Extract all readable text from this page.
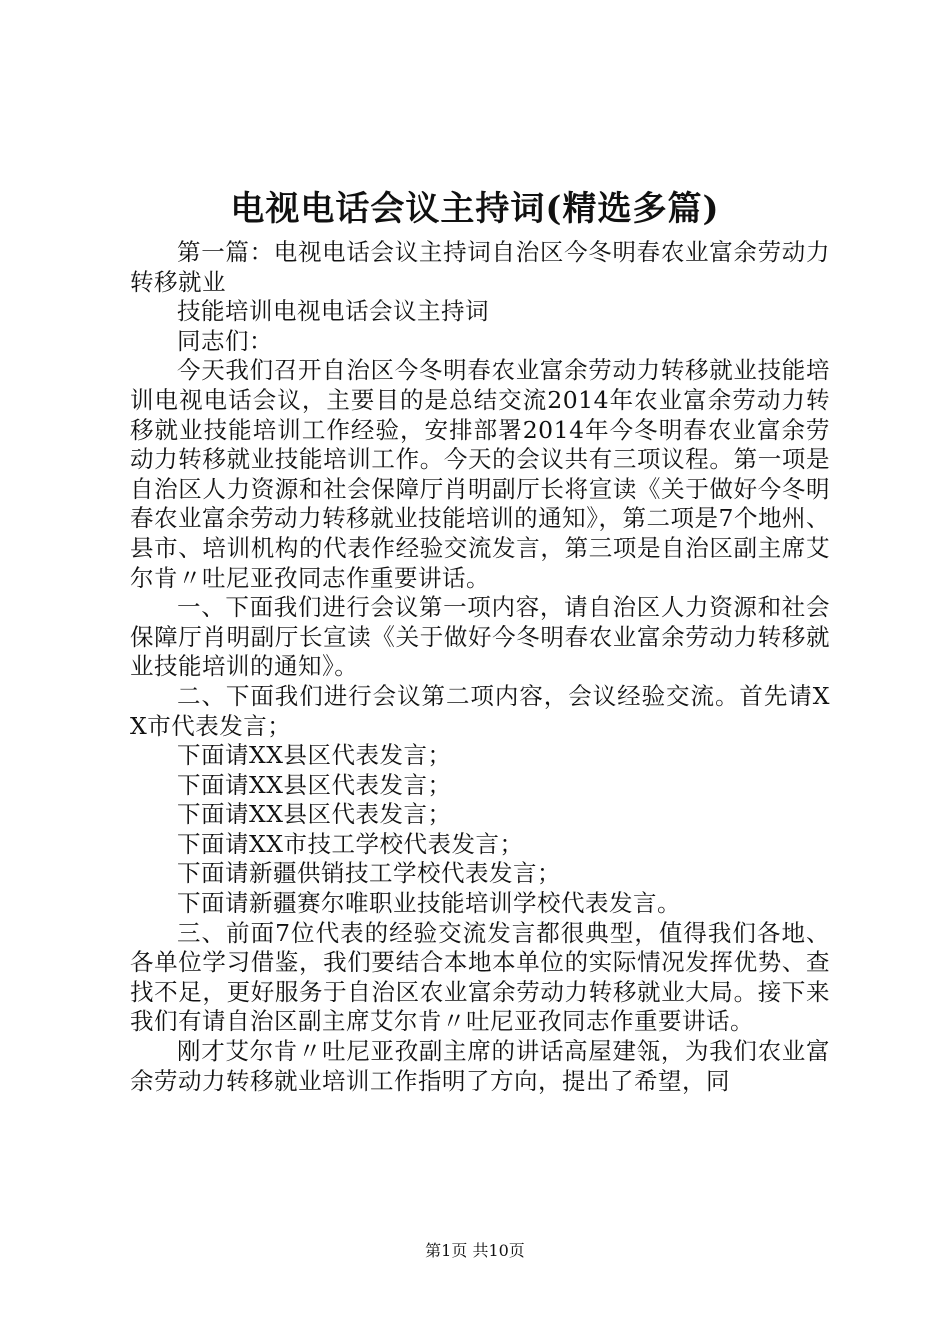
电视电话会议主持词(精选多篇)

第一篇：电视电话会议主持词自治区今冬明春农业富余劳动力转移就业

技能培训电视电话会议主持词

同志们：

今天我们召开自治区今冬明春农业富余劳动力转移就业技能培训电视电话会议，主要目的是总结交流2014年农业富余劳动力转移就业技能培训工作经验，安排部署2014年今冬明春农业富余劳动力转移就业技能培训工作。今天的会议共有三项议程。第一项是自治区人力资源和社会保障厅肖明副厅长将宣读《关于做好今冬明春农业富余劳动力转移就业技能培训的通知》，第二项是7个地州、县市、培训机构的代表作经验交流发言，第三项是自治区副主席艾尔肯〃吐尼亚孜同志作重要讲话。

一、下面我们进行会议第一项内容，请自治区人力资源和社会保障厅肖明副厅长宣读《关于做好今冬明春农业富余劳动力转移就业技能培训的通知》。

二、下面我们进行会议第二项内容，会议经验交流。首先请XX市代表发言；

下面请XX县区代表发言；

下面请XX县区代表发言；

下面请XX县区代表发言；

下面请XX市技工学校代表发言；

下面请新疆供销技工学校代表发言；

下面请新疆赛尔唯职业技能培训学校代表发言。

三、前面7位代表的经验交流发言都很典型，值得我们各地、各单位学习借鉴，我们要结合本地本单位的实际情况发挥优势、查找不足，更好服务于自治区农业富余劳动力转移就业大局。接下来我们有请自治区副主席艾尔肯〃吐尼亚孜同志作重要讲话。

刚才艾尔肯〃吐尼亚孜副主席的讲话高屋建瓴，为我们农业富余劳动力转移就业培训工作指明了方向，提出了希望，同

第1页 共10页
